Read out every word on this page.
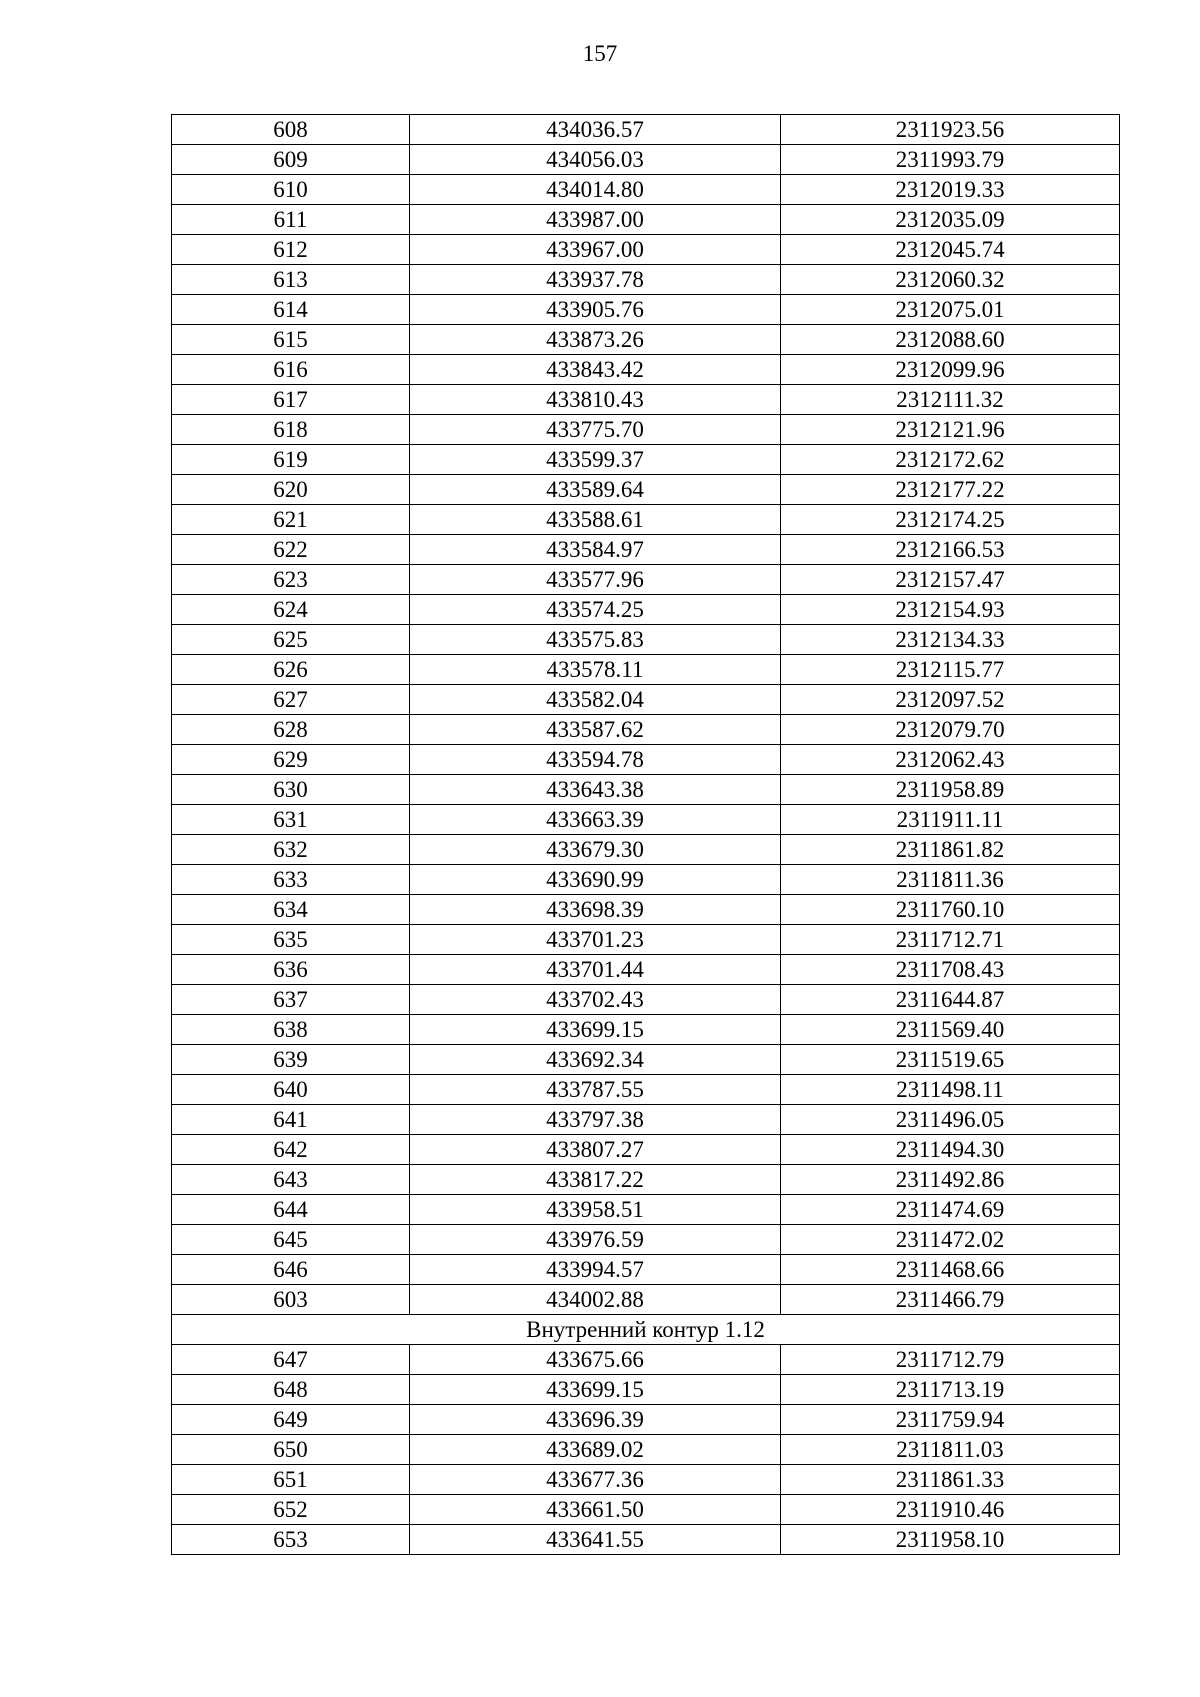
157
608	434036.57	2311923.56
609	434056.03	2311993.79
610	434014.80	2312019.33
611	433987.00	2312035.09
612	433967.00	2312045.74
613	433937.78	2312060.32
614	433905.76	2312075.01
615	433873.26	2312088.60
616	433843.42	2312099.96
617	433810.43	2312111.32
618	433775.70	2312121.96
619	433599.37	2312172.62
620	433589.64	2312177.22
621	433588.61	2312174.25
622	433584.97	2312166.53
623	433577.96	2312157.47
624	433574.25	2312154.93
625	433575.83	2312134.33
626	433578.11	2312115.77
627	433582.04	2312097.52
628	433587.62	2312079.70
629	433594.78	2312062.43
630	433643.38	2311958.89
631	433663.39	2311911.11
632	433679.30	2311861.82
633	433690.99	2311811.36
634	433698.39	2311760.10
635	433701.23	2311712.71
636	433701.44	2311708.43
637	433702.43	2311644.87
638	433699.15	2311569.40
639	433692.34	2311519.65
640	433787.55	2311498.11
641	433797.38	2311496.05
642	433807.27	2311494.30
643	433817.22	2311492.86
644	433958.51	2311474.69
645	433976.59	2311472.02
646	433994.57	2311468.66
603	434002.88	2311466.79
Внутренний контур 1.12		
647	433675.66	2311712.79
648	433699.15	2311713.19
649	433696.39	2311759.94
650	433689.02	2311811.03
651	433677.36	2311861.33
652	433661.50	2311910.46
653	433641.55	2311958.10
